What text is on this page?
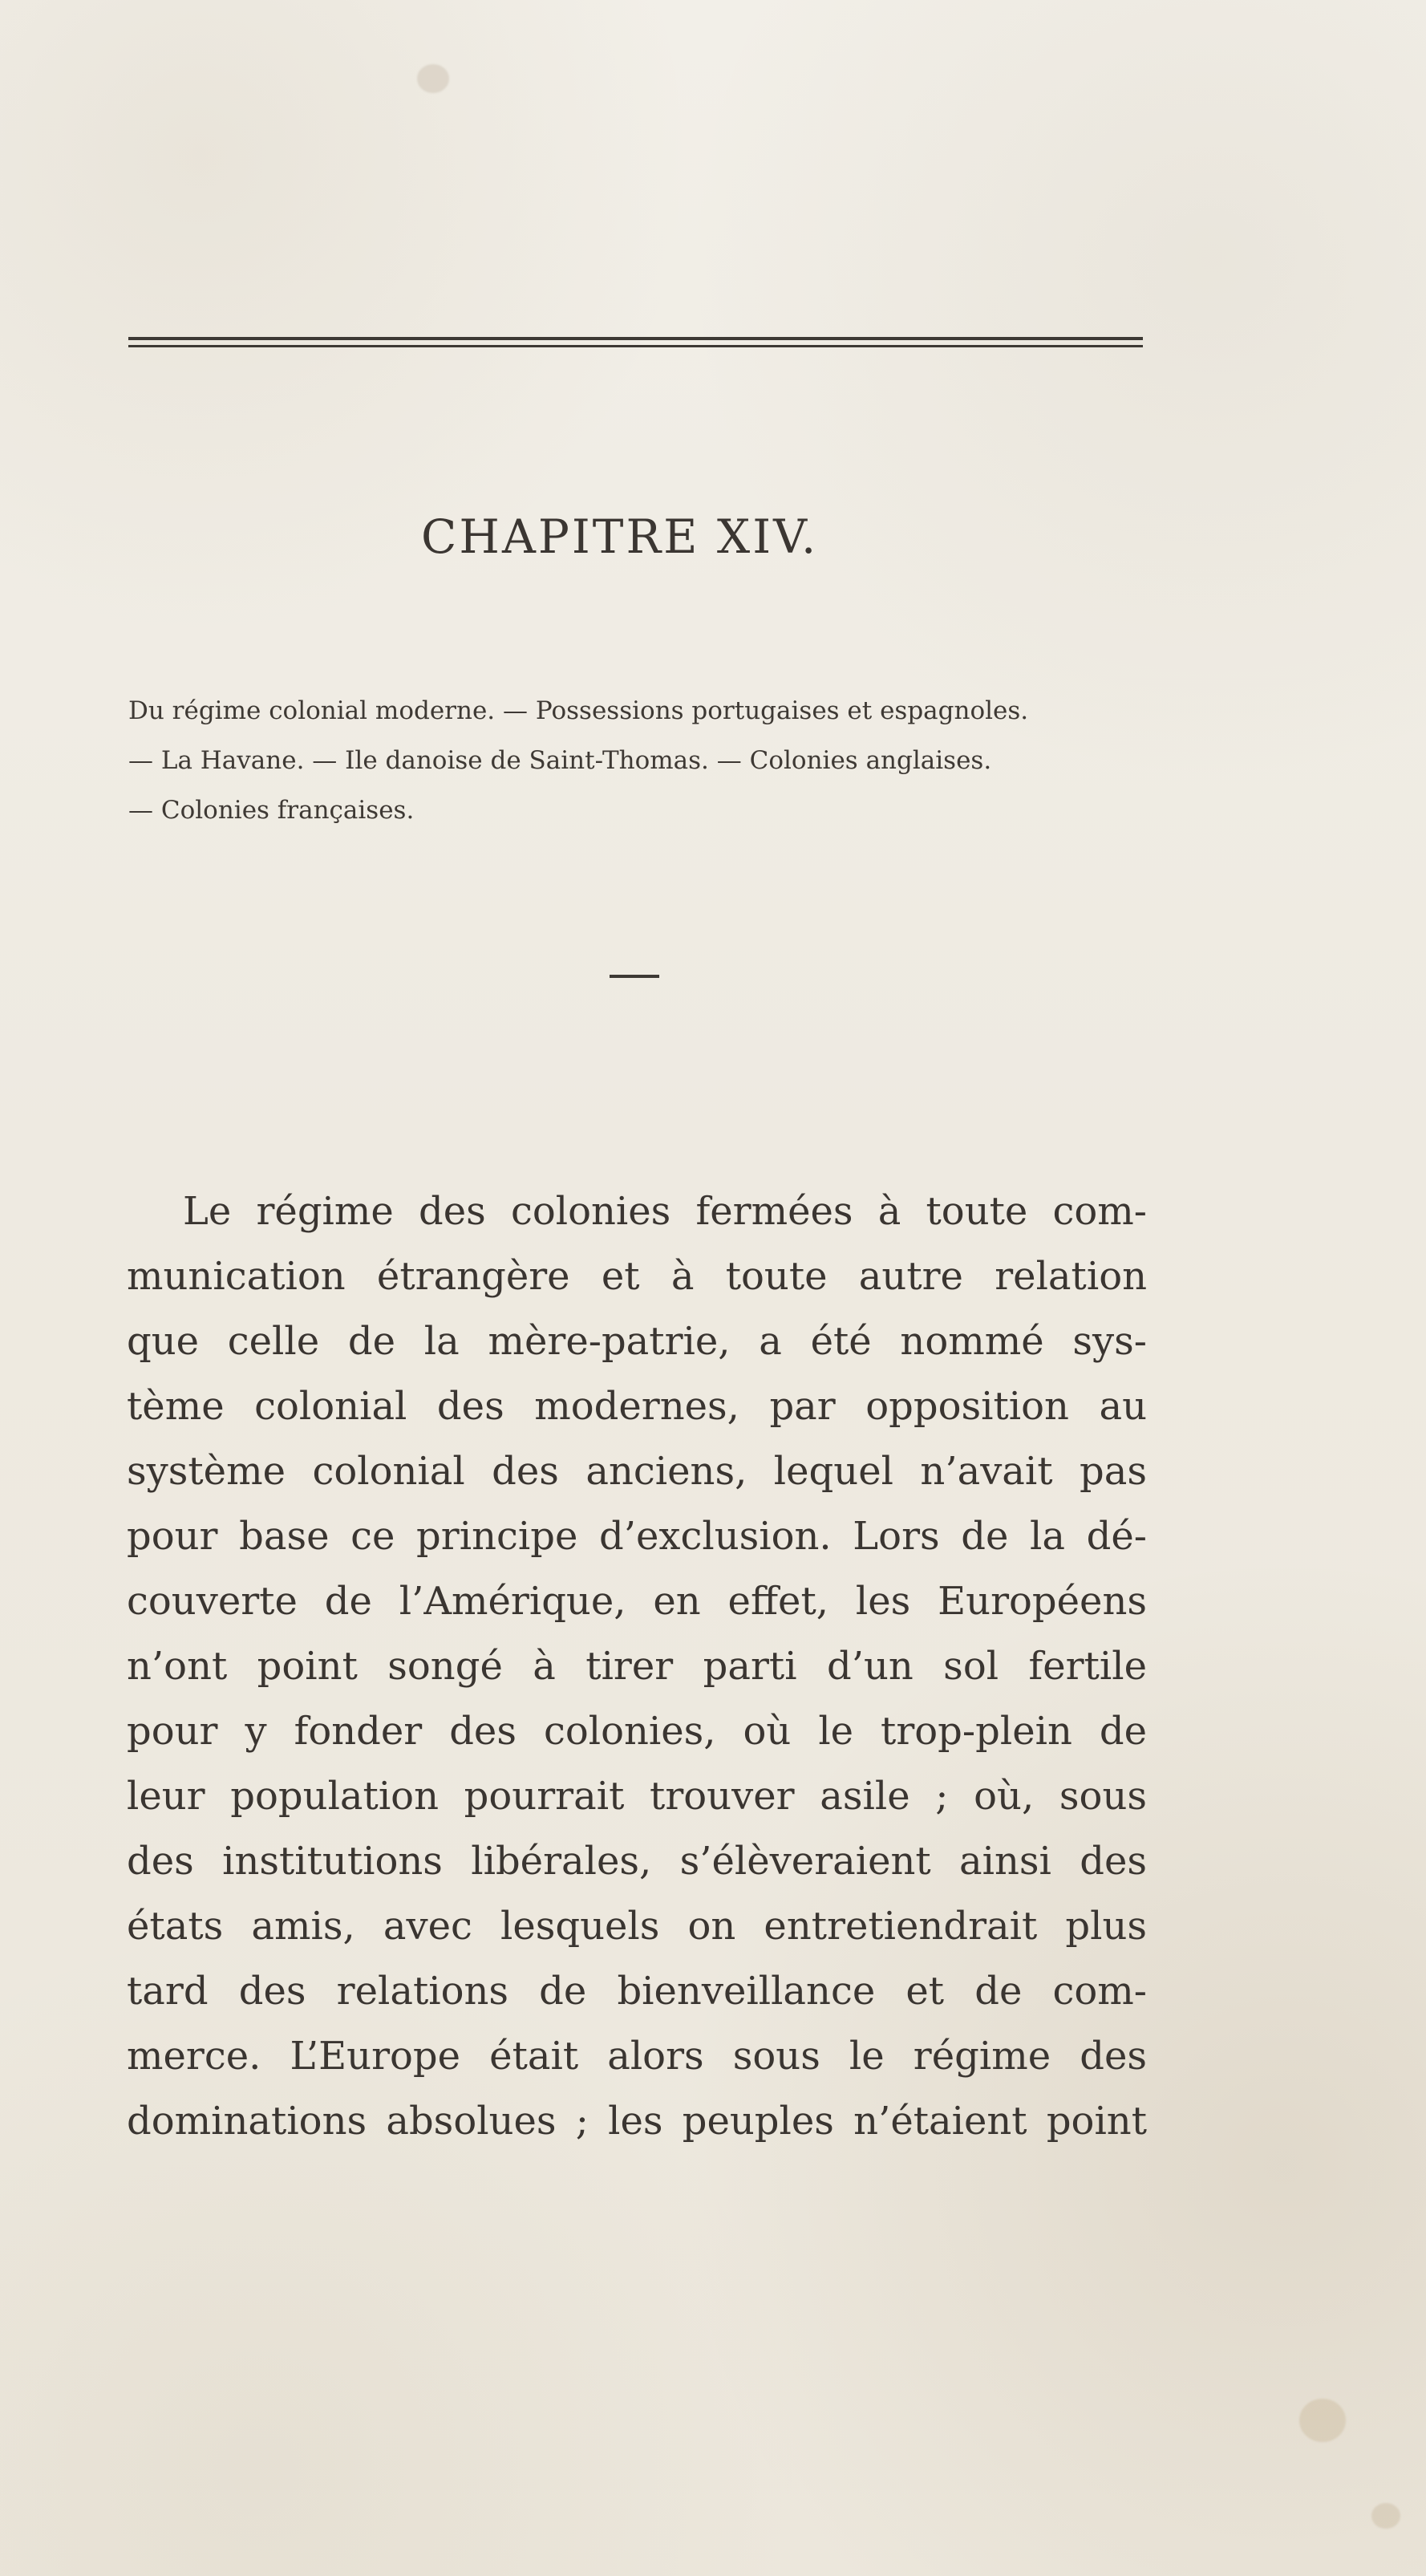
CHAPITRE XIV.
Du régime colonial moderne. — Possessions portugaises et espagnoles.
— La Havane. — Ile danoise de Saint-Thomas. — Colonies anglaises.
— Colonies françaises.
Le régime des colonies fermées à toute com-
munication étrangère et à toute autre relation
que celle de la mère-patrie, a été nommé sys-
tème colonial des modernes, par opposition au
système colonial des anciens, lequel n’avait pas
pour base ce principe d’exclusion. Lors de la dé-
couverte de l’Amérique, en effet, les Européens
n’ont point songé à tirer parti d’un sol fertile
pour y fonder des colonies, où le trop-plein de
leur population pourrait trouver asile ; où, sous
des institutions libérales, s’élèveraient ainsi des
états amis, avec lesquels on entretiendrait plus
tard des relations de bienveillance et de com-
merce. L’Europe était alors sous le régime des
dominations absolues ; les peuples n’étaient point
